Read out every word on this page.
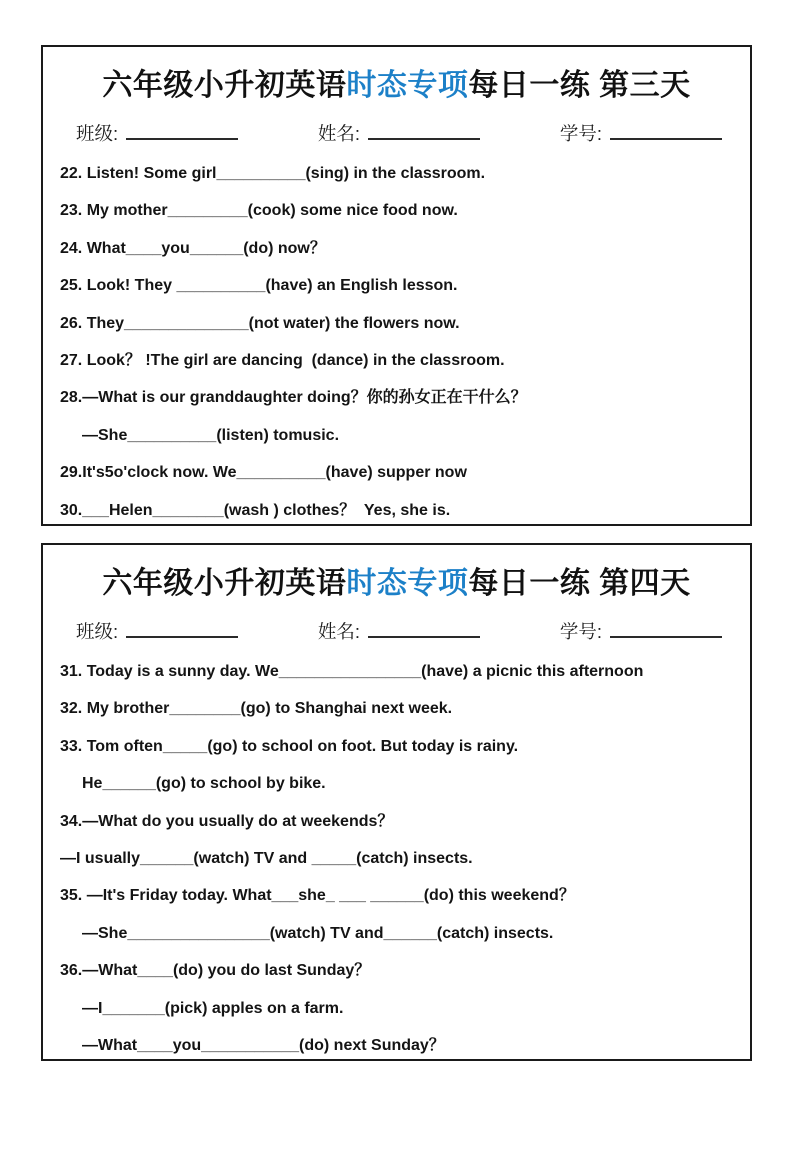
六年级小升初英语时态专项每日一练 第三天
班级:	姓名:	学号:
22. Listen! Some girl__________(sing) in the classroom.
23. My mother_________(cook) some nice food now.
24. What____you______(do) now？
25. Look! They __________(have) an English lesson.
26. They______________(not water) the flowers now.
27. Look？ !The girl are dancing  (dance) in the classroom.
28.—What is our granddaughter doing？你的孙女正在干什么？
—She__________(listen) tomusic.
29.It's5o'clock now. We__________(have) supper now
30.___Helen________(wash ) clothes？  Yes, she is.
六年级小升初英语时态专项每日一练 第四天
班级:	姓名:	学号:
31. Today is a sunny day. We________________(have) a picnic this afternoon
32. My brother________(go) to Shanghai next week.
33. Tom often_____(go) to school on foot. But today is rainy.
He______(go) to school by bike.
34.—What do you usually do at weekends？
—I usually______(watch) TV and _____(catch) insects.
35. —It's Friday today. What___she_ ___ ______(do) this weekend？
—She________________(watch) TV and______(catch) insects.
36.—What____(do) you do last Sunday？
—I_______(pick) apples on a farm.
—What____you___________(do) next Sunday？
